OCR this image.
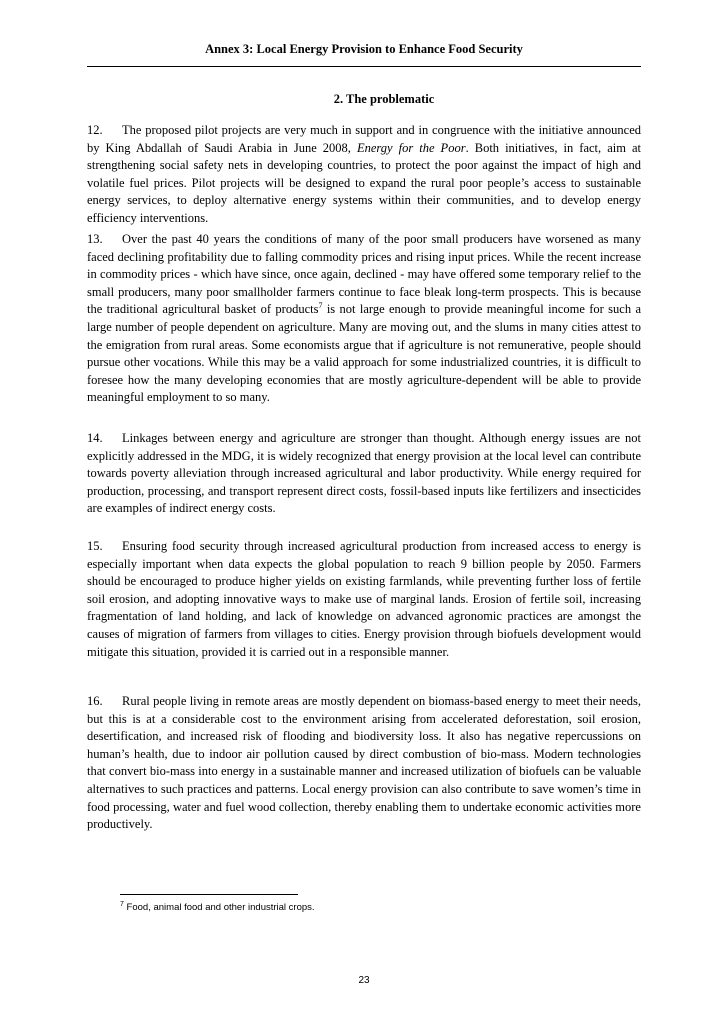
Annex 3: Local Energy Provision to Enhance Food Security
2. The problematic

12. The proposed pilot projects are very much in support and in congruence with the initiative announced by King Abdallah of Saudi Arabia in June 2008, Energy for the Poor. Both initiatives, in fact, aim at strengthening social safety nets in developing countries, to protect the poor against the impact of high and volatile fuel prices. Pilot projects will be designed to expand the rural poor people’s access to sustainable energy services, to deploy alternative energy systems within their communities, and to develop energy efficiency interventions.

13. Over the past 40 years the conditions of many of the poor small producers have worsened as many faced declining profitability due to falling commodity prices and rising input prices. While the recent increase in commodity prices - which have since, once again, declined - may have offered some temporary relief to the small producers, many poor smallholder farmers continue to face bleak long-term prospects. This is because the traditional agricultural basket of products$^7$ is not large enough to provide meaningful income for such a large number of people dependent on agriculture. Many are moving out, and the slums in many cities attest to the emigration from rural areas. Some economists argue that if agriculture is not remunerative, people should pursue other vocations. While this may be a valid approach for some industrialized countries, it is difficult to foresee how the many developing economies that are mostly agriculture-dependent will be able to provide meaningful employment to so many.

14. Linkages between energy and agriculture are stronger than thought. Although energy issues are not explicitly addressed in the MDG, it is widely recognized that energy provision at the local level can contribute towards poverty alleviation through increased agricultural and labor productivity. While energy required for production, processing, and transport represent direct costs, fossil-based inputs like fertilizers and insecticides are examples of indirect energy costs.

15. Ensuring food security through increased agricultural production from increased access to energy is especially important when data expects the global population to reach 9 billion people by 2050. Farmers should be encouraged to produce higher yields on existing farmlands, while preventing further loss of fertile soil erosion, and adopting innovative ways to make use of marginal lands. Erosion of fertile soil, increasing fragmentation of land holding, and lack of knowledge on advanced agronomic practices are amongst the causes of migration of farmers from villages to cities. Energy provision through biofuels development would mitigate this situation, provided it is carried out in a responsible manner.

16. Rural people living in remote areas are mostly dependent on biomass-based energy to meet their needs, but this is at a considerable cost to the environment arising from accelerated deforestation, soil erosion, desertification, and increased risk of flooding and biodiversity loss. It also has negative repercussions on human’s health, due to indoor air pollution caused by direct combustion of bio-mass. Modern technologies that convert bio-mass into energy in a sustainable manner and increased utilization of biofuels can be valuable alternatives to such practices and patterns. Local energy provision can also contribute to save women’s time in food processing, water and fuel wood collection, thereby enabling them to undertake economic activities more productively.

$^7$ Food, animal food and other industrial crops.
23
